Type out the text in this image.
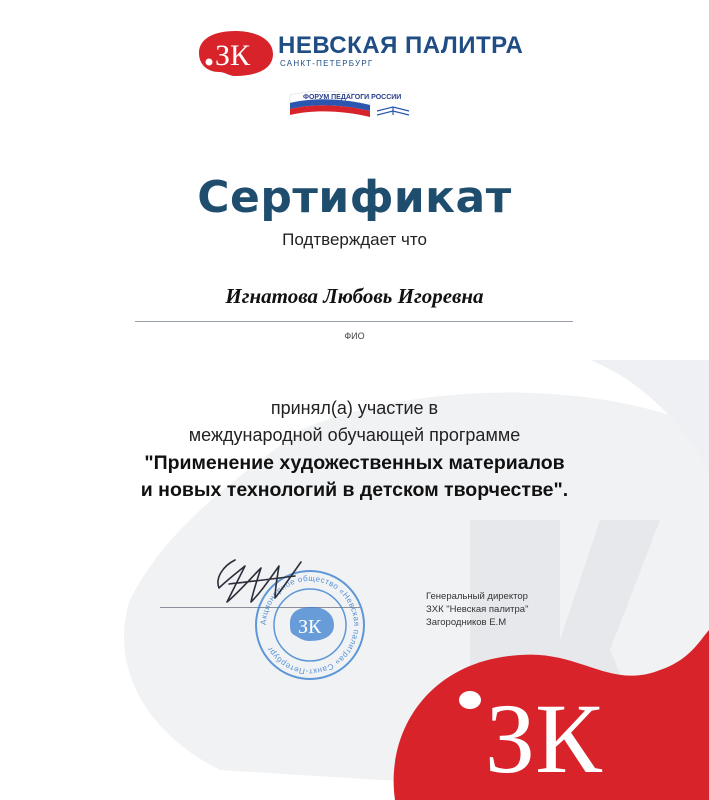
ЗК
ЗК НЕВСКАЯ ПАЛИТРА
САНКТ-ПЕТЕРБУРГ
ФОРУМ ПЕДАГОГИ РОССИИ
Сертификат
Подтверждает что
Игнатова Любовь Игоревна
ФИО
принял(а) участие в
международной обучающей программе
"Применение художественных материалов
и новых технологий в детском творчестве".
Акционерное общество «Невская палитра» Санкт-Петербург
ЗК
Генеральный директор
ЗХК "Невская палитра"
Загородников Е.М
